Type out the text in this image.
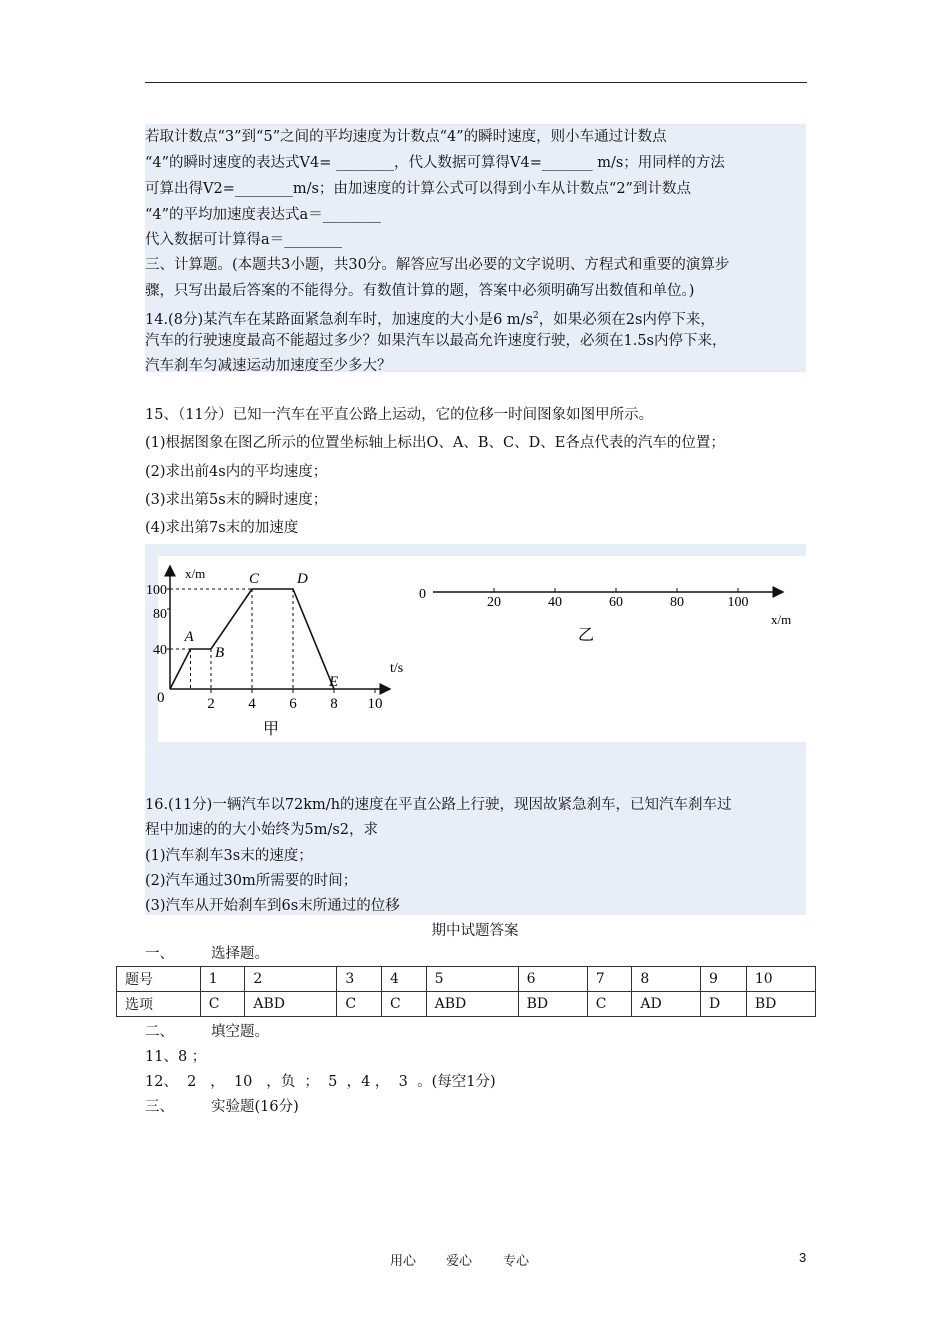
若取计数点“3”到“5”之间的平均速度为计数点“4”的瞬时速度，则小车通过计数点
“4”的瞬时速度的表达式V4= ________，代人数据可算得V4=_______ m/s；用同样的方法
可算出得V2=________m/s；由加速度的计算公式可以得到小车从计数点“2”到计数点
“4”的平均加速度表达式a＝________
代入数据可计算得a＝________
三、计算题。(本题共3小题，共30分。解答应写出必要的文字说明、方程式和重要的演算步
骤，只写出最后答案的不能得分。有数值计算的题，答案中必须明确写出数值和单位。)
14.(8分)某汽车在某路面紧急刹车时，加速度的大小是6 $m/s^2$，如果必须在2s内停下来，
汽车的行驶速度最高不能超过多少？如果汽车以最高允许速度行驶，必须在1.5s内停下来，
汽车刹车匀减速运动加速度至少多大？
15、（11分）已知一汽车在平直公路上运动，它的位移一时间图象如图甲所示。
(1)根据图象在图乙所示的位置坐标轴上标出O、A、B、C、D、E各点代表的汽车的位置；
(2)求出前4s内的平均速度；
(3)求出第5s末的瞬时速度；
(4)求出第7s末的加速度
40
80
100
2 4 6 8 10
A
B
C	D
E
x/m
t/s
0
甲
20	40	60	80	100
0
x/m
乙
16.(11分)一辆汽车以72km/h的速度在平直公路上行驶，现因故紧急刹车，已知汽车刹车过
程中加速的的大小始终为5m/s2，求
(1)汽车刹车3s末的速度；
(2)汽车通过30m所需要的时间；
(3)汽车从开始刹车到6s末所通过的位移
期中试题答案
一、	选择题。
题号	1	2	3	4	5	6	7	8	9	10
选项	C	ABD	C	C	ABD	BD	C	AD	D	BD
二、	填空题。
11、8 ；
12、  2   ，  10   ，负  ；  5  ，4 ，  3  。(每空1分)
三、	实验题(16分)
用心 爱心 专心	3
